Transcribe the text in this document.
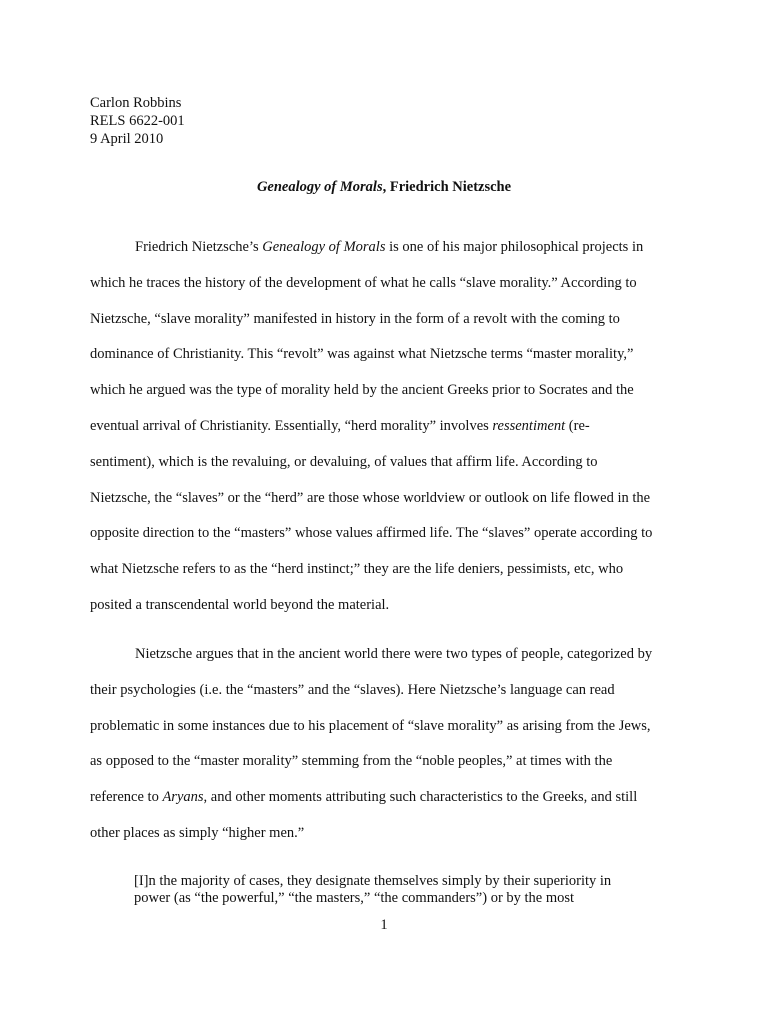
Carlon Robbins
RELS 6622-001
9 April 2010
Genealogy of Morals, Friedrich Nietzsche
Friedrich Nietzsche’s Genealogy of Morals is one of his major philosophical projects in
which he traces the history of the development of what he calls “slave morality.” According to
Nietzsche, “slave morality” manifested in history in the form of a revolt with the coming to
dominance of Christianity. This “revolt” was against what Nietzsche terms “master morality,”
which he argued was the type of morality held by the ancient Greeks prior to Socrates and the
eventual arrival of Christianity. Essentially, “herd morality” involves ressentiment (re-
sentiment), which is the revaluing, or devaluing, of values that affirm life. According to
Nietzsche, the “slaves” or the “herd” are those whose worldview or outlook on life flowed in the
opposite direction to the “masters” whose values affirmed life. The “slaves” operate according to
what Nietzsche refers to as the “herd instinct;” they are the life deniers, pessimists, etc, who
posited a transcendental world beyond the material.
Nietzsche argues that in the ancient world there were two types of people, categorized by
their psychologies (i.e. the “masters” and the “slaves). Here Nietzsche’s language can read
problematic in some instances due to his placement of “slave morality” as arising from the Jews,
as opposed to the “master morality” stemming from the “noble peoples,” at times with the
reference to Aryans, and other moments attributing such characteristics to the Greeks, and still
other places as simply “higher men.”
[I]n the majority of cases, they designate themselves simply by their superiority in
power (as “the powerful,” “the masters,” “the commanders”) or by the most
1
